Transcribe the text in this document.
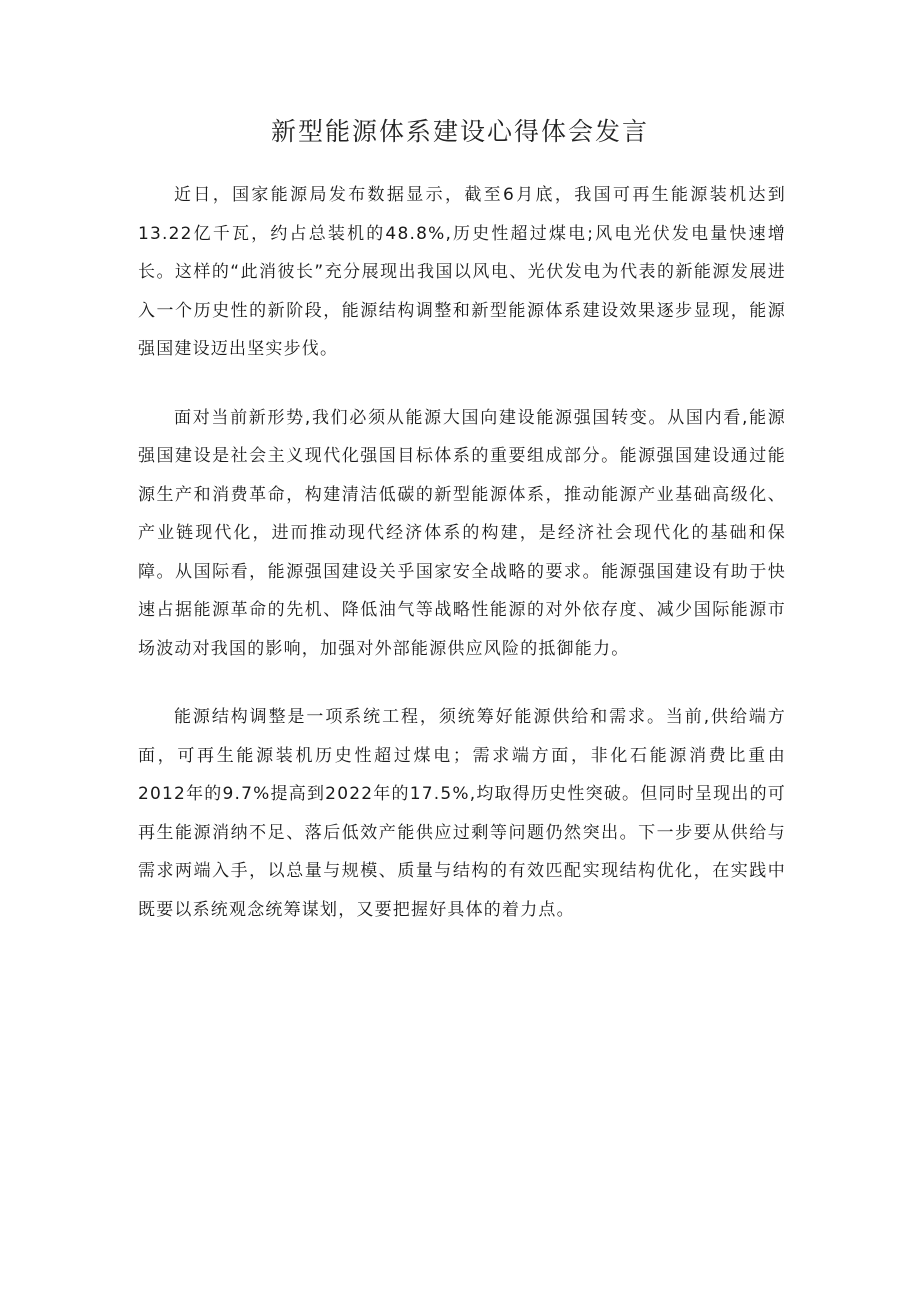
新型能源体系建设心得体会发言

近日，国家能源局发布数据显示，截至6月底，我国可再生能源装机达到13.22亿千瓦，约占总装机的48.8%,历史性超过煤电;风电光伏发电量快速增长。这样的“此消彼长”充分展现出我国以风电、光伏发电为代表的新能源发展进入一个历史性的新阶段，能源结构调整和新型能源体系建设效果逐步显现，能源强国建设迈出坚实步伐。

面对当前新形势,我们必须从能源大国向建设能源强国转变。从国内看,能源强国建设是社会主义现代化强国目标体系的重要组成部分。能源强国建设通过能源生产和消费革命，构建清洁低碳的新型能源体系，推动能源产业基础高级化、产业链现代化，进而推动现代经济体系的构建，是经济社会现代化的基础和保障。从国际看，能源强国建设关乎国家安全战略的要求。能源强国建设有助于快速占据能源革命的先机、降低油气等战略性能源的对外依存度、减少国际能源市场波动对我国的影响，加强对外部能源供应风险的抵御能力。

能源结构调整是一项系统工程，须统筹好能源供给和需求。当前,供给端方面，可再生能源装机历史性超过煤电；需求端方面，非化石能源消费比重由2012年的9.7%提高到2022年的17.5%,均取得历史性突破。但同时呈现出的可再生能源消纳不足、落后低效产能供应过剩等问题仍然突出。下一步要从供给与需求两端入手，以总量与规模、质量与结构的有效匹配实现结构优化，在实践中既要以系统观念统筹谋划，又要把握好具体的着力点。
